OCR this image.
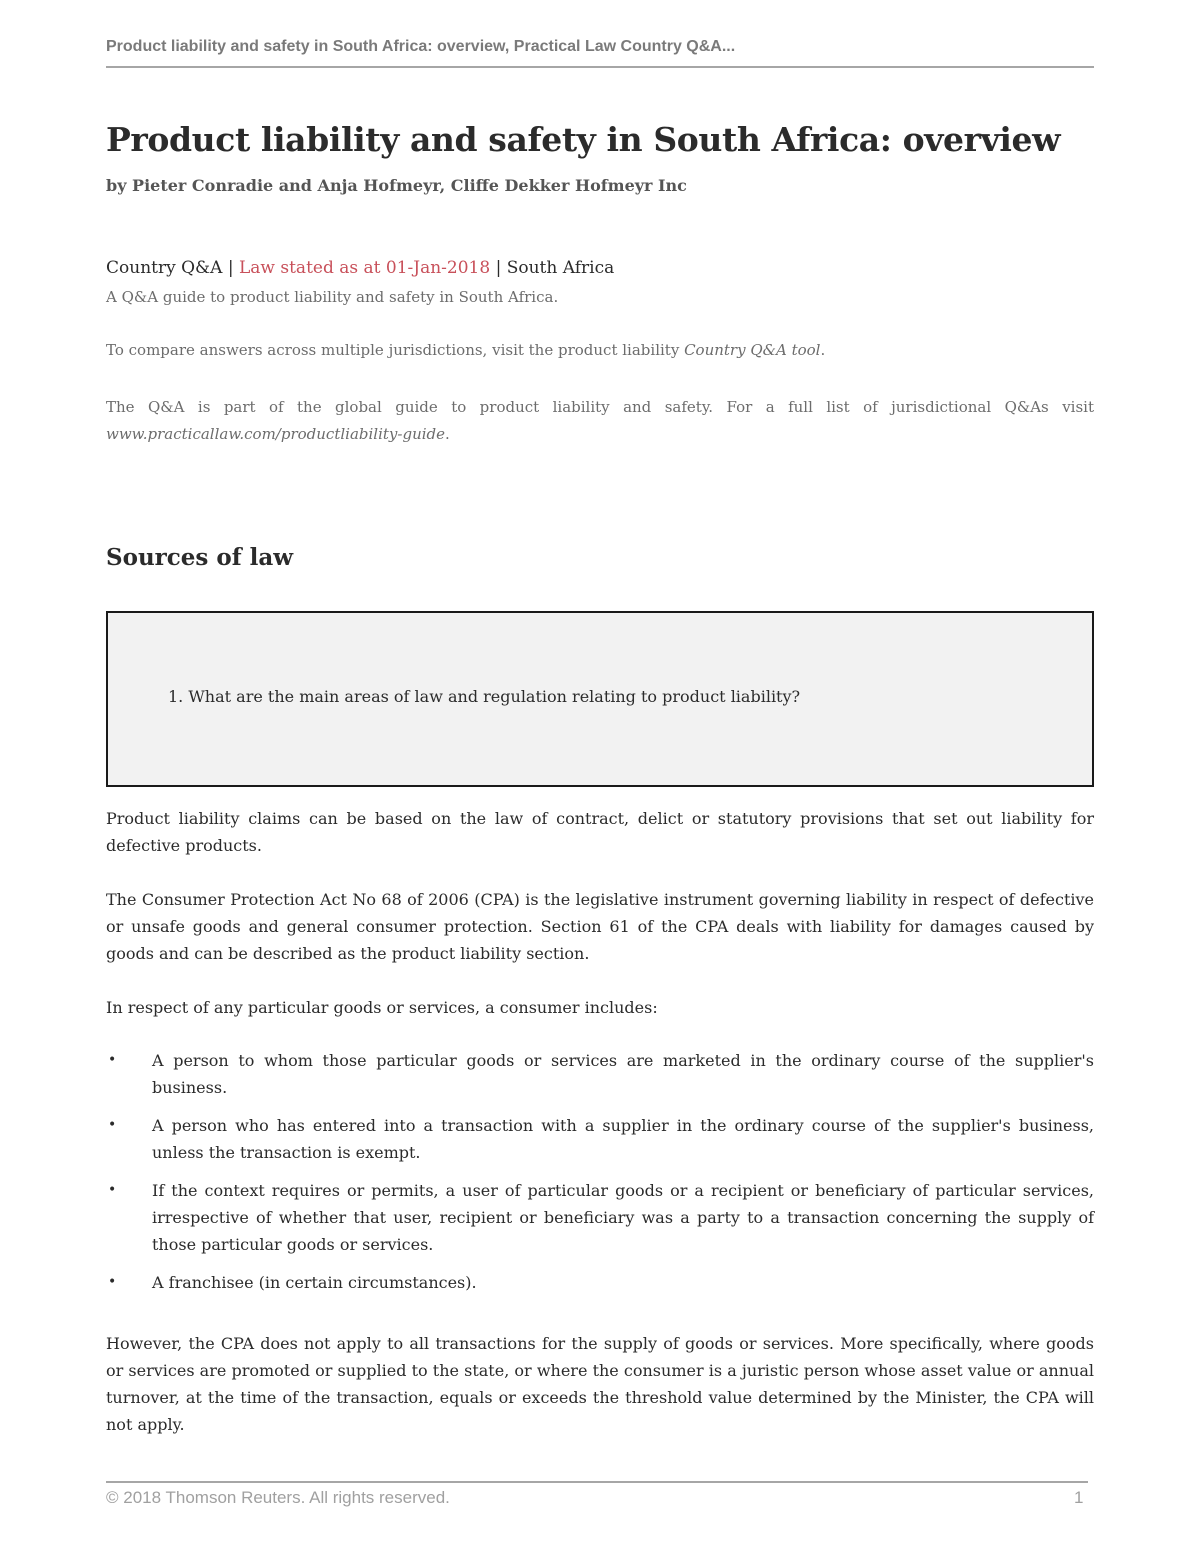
Product liability and safety in South Africa: overview, Practical Law Country Q&A...
Product liability and safety in South Africa: overview
by Pieter Conradie and Anja Hofmeyr, Cliffe Dekker Hofmeyr Inc
Country Q&A | Law stated as at 01-Jan-2018 | South Africa
A Q&A guide to product liability and safety in South Africa.
To compare answers across multiple jurisdictions, visit the product liability Country Q&A tool.
The Q&A is part of the global guide to product liability and safety. For a full list of jurisdictional Q&As visit www.practicallaw.com/productliability-guide.
Sources of law
1. What are the main areas of law and regulation relating to product liability?

Product liability claims can be based on the law of contract, delict or statutory provisions that set out liability for defective products.

The Consumer Protection Act No 68 of 2006 (CPA) is the legislative instrument governing liability in respect of defective or unsafe goods and general consumer protection. Section 61 of the CPA deals with liability for damages caused by goods and can be described as the product liability section.

In respect of any particular goods or services, a consumer includes:

• A person to whom those particular goods or services are marketed in the ordinary course of the supplier's business.
• A person who has entered into a transaction with a supplier in the ordinary course of the supplier's business, unless the transaction is exempt.
• If the context requires or permits, a user of particular goods or a recipient or beneficiary of particular services, irrespective of whether that user, recipient or beneficiary was a party to a transaction concerning the supply of those particular goods or services.
• A franchisee (in certain circumstances).

However, the CPA does not apply to all transactions for the supply of goods or services. More specifically, where goods or services are promoted or supplied to the state, or where the consumer is a juristic person whose asset value or annual turnover, at the time of the transaction, equals or exceeds the threshold value determined by the Minister, the CPA will not apply.

© 2018 Thomson Reuters. All rights reserved.	1
